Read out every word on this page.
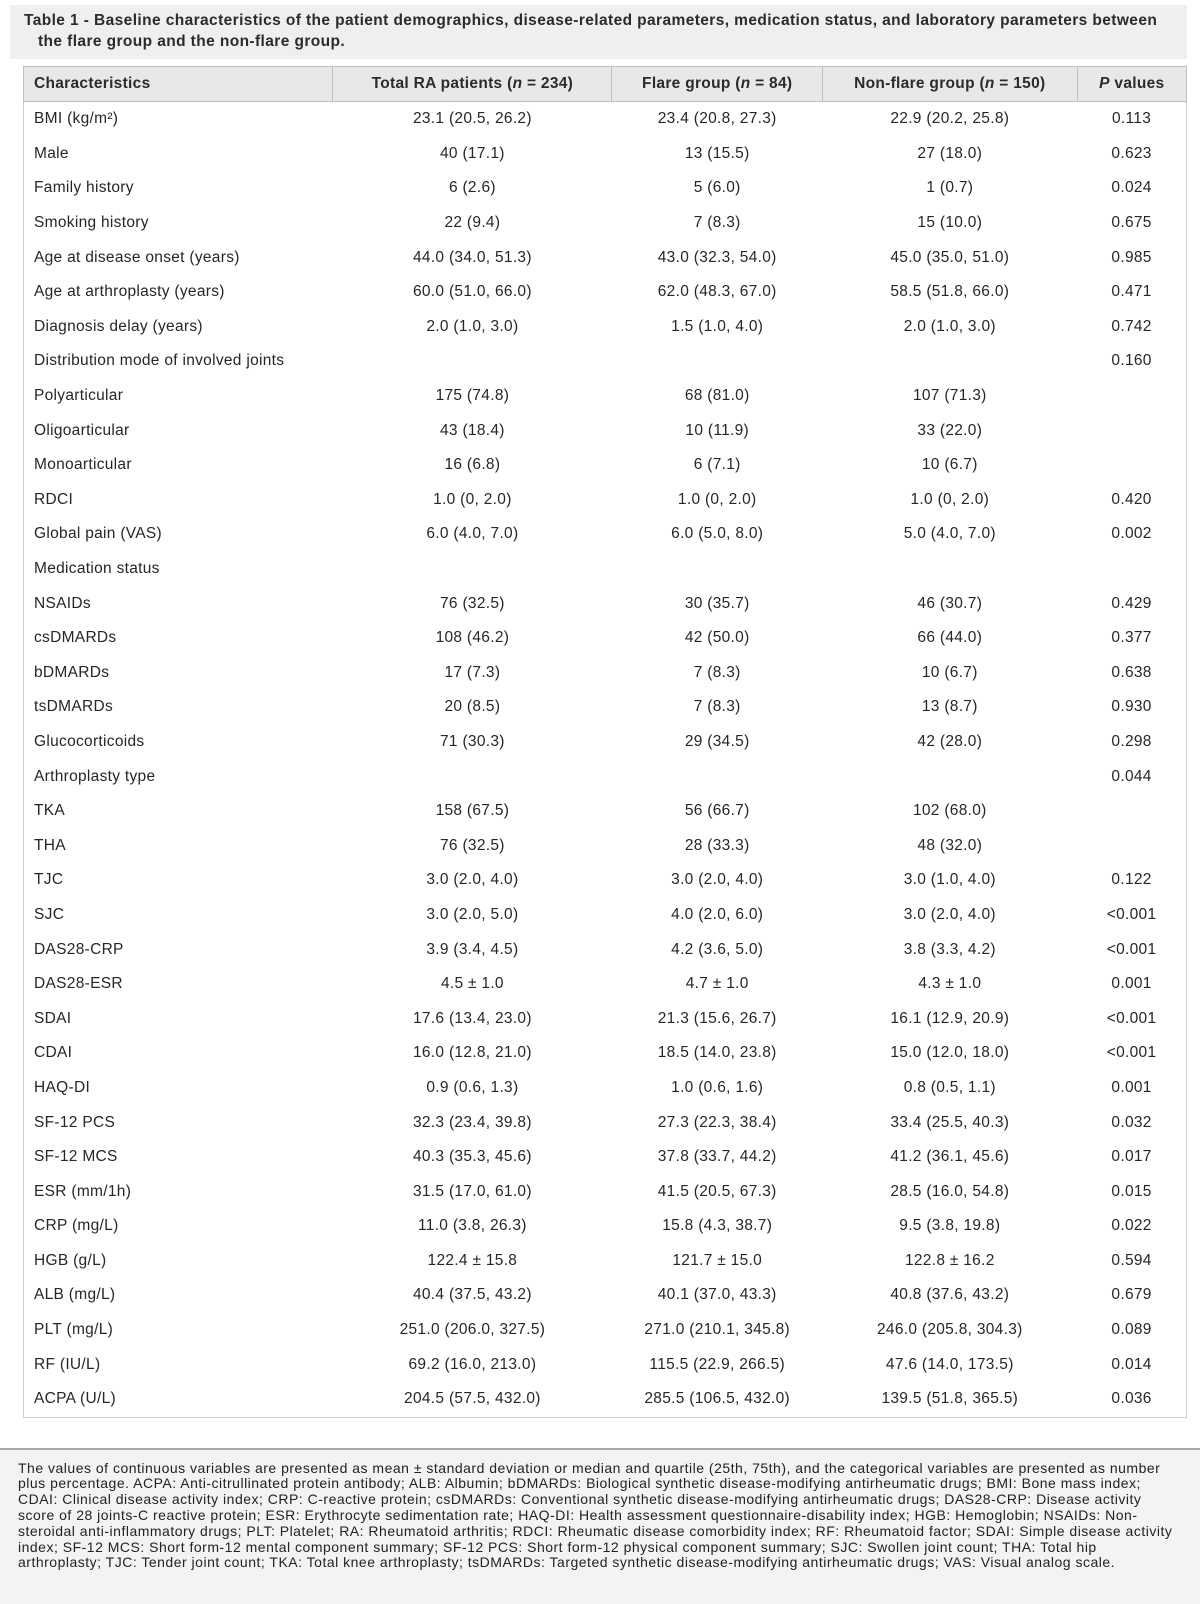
Table 1 - Baseline characteristics of the patient demographics, disease-related parameters, medication status, and laboratory parameters between the flare group and the non-flare group.
Characteristics	Total RA patients (n = 234)	Flare group (n = 84)	Non-flare group (n = 150)	P values
BMI (kg/m²)	23.1 (20.5, 26.2)	23.4 (20.8, 27.3)	22.9 (20.2, 25.8)	0.113
Male	40 (17.1)	13 (15.5)	27 (18.0)	0.623
Family history	6 (2.6)	5 (6.0)	1 (0.7)	0.024
Smoking history	22 (9.4)	7 (8.3)	15 (10.0)	0.675
Age at disease onset (years)	44.0 (34.0, 51.3)	43.0 (32.3, 54.0)	45.0 (35.0, 51.0)	0.985
Age at arthroplasty (years)	60.0 (51.0, 66.0)	62.0 (48.3, 67.0)	58.5 (51.8, 66.0)	0.471
Diagnosis delay (years)	2.0 (1.0, 3.0)	1.5 (1.0, 4.0)	2.0 (1.0, 3.0)	0.742
Distribution mode of involved joints				0.160
Polyarticular	175 (74.8)	68 (81.0)	107 (71.3)	
Oligoarticular	43 (18.4)	10 (11.9)	33 (22.0)	
Monoarticular	16 (6.8)	6 (7.1)	10 (6.7)	
RDCI	1.0 (0, 2.0)	1.0 (0, 2.0)	1.0 (0, 2.0)	0.420
Global pain (VAS)	6.0 (4.0, 7.0)	6.0 (5.0, 8.0)	5.0 (4.0, 7.0)	0.002
Medication status				
NSAIDs	76 (32.5)	30 (35.7)	46 (30.7)	0.429
csDMARDs	108 (46.2)	42 (50.0)	66 (44.0)	0.377
bDMARDs	17 (7.3)	7 (8.3)	10 (6.7)	0.638
tsDMARDs	20 (8.5)	7 (8.3)	13 (8.7)	0.930
Glucocorticoids	71 (30.3)	29 (34.5)	42 (28.0)	0.298
Arthroplasty type				0.044
TKA	158 (67.5)	56 (66.7)	102 (68.0)	
THA	76 (32.5)	28 (33.3)	48 (32.0)	
TJC	3.0 (2.0, 4.0)	3.0 (2.0, 4.0)	3.0 (1.0, 4.0)	0.122
SJC	3.0 (2.0, 5.0)	4.0 (2.0, 6.0)	3.0 (2.0, 4.0)	<0.001
DAS28-CRP	3.9 (3.4, 4.5)	4.2 (3.6, 5.0)	3.8 (3.3, 4.2)	<0.001
DAS28-ESR	4.5 ± 1.0	4.7 ± 1.0	4.3 ± 1.0	0.001
SDAI	17.6 (13.4, 23.0)	21.3 (15.6, 26.7)	16.1 (12.9, 20.9)	<0.001
CDAI	16.0 (12.8, 21.0)	18.5 (14.0, 23.8)	15.0 (12.0, 18.0)	<0.001
HAQ-DI	0.9 (0.6, 1.3)	1.0 (0.6, 1.6)	0.8 (0.5, 1.1)	0.001
SF-12 PCS	32.3 (23.4, 39.8)	27.3 (22.3, 38.4)	33.4 (25.5, 40.3)	0.032
SF-12 MCS	40.3 (35.3, 45.6)	37.8 (33.7, 44.2)	41.2 (36.1, 45.6)	0.017
ESR (mm/1h)	31.5 (17.0, 61.0)	41.5 (20.5, 67.3)	28.5 (16.0, 54.8)	0.015
CRP (mg/L)	11.0 (3.8, 26.3)	15.8 (4.3, 38.7)	9.5 (3.8, 19.8)	0.022
HGB (g/L)	122.4 ± 15.8	121.7 ± 15.0	122.8 ± 16.2	0.594
ALB (mg/L)	40.4 (37.5, 43.2)	40.1 (37.0, 43.3)	40.8 (37.6, 43.2)	0.679
PLT (mg/L)	251.0 (206.0, 327.5)	271.0 (210.1, 345.8)	246.0 (205.8, 304.3)	0.089
RF (IU/L)	69.2 (16.0, 213.0)	115.5 (22.9, 266.5)	47.6 (14.0, 173.5)	0.014
ACPA (U/L)	204.5 (57.5, 432.0)	285.5 (106.5, 432.0)	139.5 (51.8, 365.5)	0.036
The values of continuous variables are presented as mean ± standard deviation or median and quartile (25th, 75th), and the categorical variables are presented as number plus percentage. ACPA: Anti-citrullinated protein antibody; ALB: Albumin; bDMARDs: Biological synthetic disease-modifying antirheumatic drugs; BMI: Bone mass index; CDAI: Clinical disease activity index; CRP: C-reactive protein; csDMARDs: Conventional synthetic disease-modifying antirheumatic drugs; DAS28-CRP: Disease activity score of 28 joints-C reactive protein; ESR: Erythrocyte sedimentation rate; HAQ-DI: Health assessment questionnaire-disability index; HGB: Hemoglobin; NSAIDs: Non-steroidal anti-inflammatory drugs; PLT: Platelet; RA: Rheumatoid arthritis; RDCI: Rheumatic disease comorbidity index; RF: Rheumatoid factor; SDAI: Simple disease activity index; SF-12 MCS: Short form-12 mental component summary; SF-12 PCS: Short form-12 physical component summary; SJC: Swollen joint count; THA: Total hip arthroplasty; TJC: Tender joint count; TKA: Total knee arthroplasty; tsDMARDs: Targeted synthetic disease-modifying antirheumatic drugs; VAS: Visual analog scale.
